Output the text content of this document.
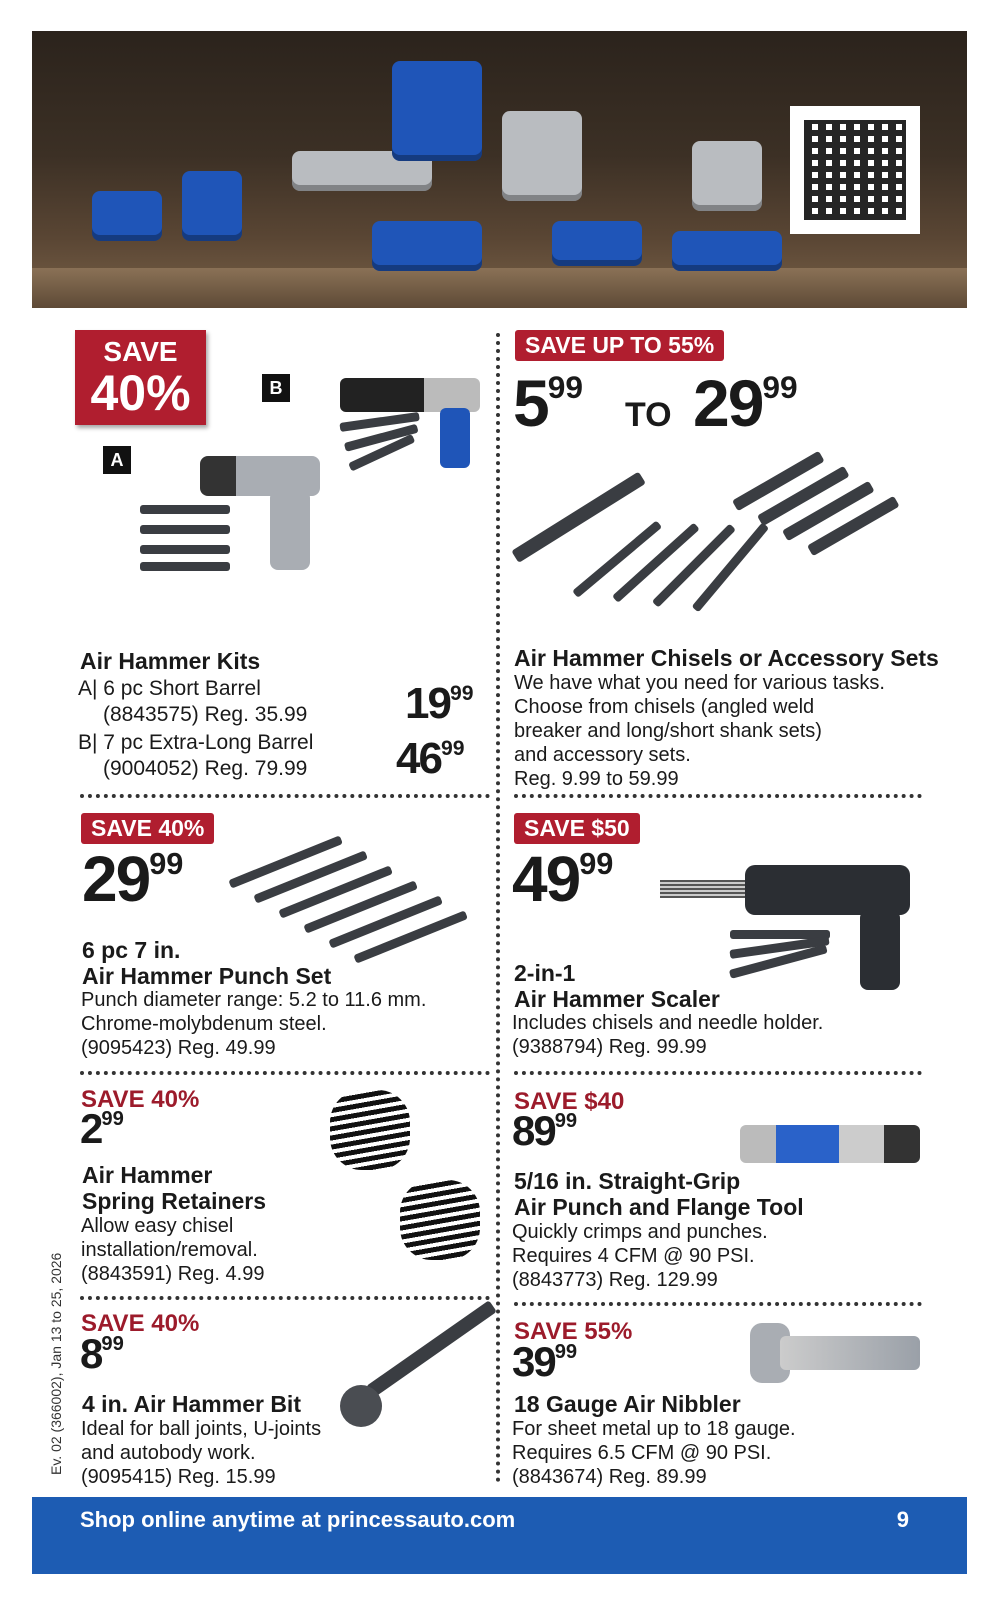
SAVE
40%	B
A
Air Hammer Kits
A| 6 pc Short Barrel
(8843575) Reg. 35.99
B| 7 pc Extra-Long Barrel
(9004052) Reg. 79.99
$19^{99}$
$46^{99}$
SAVE UP TO 55%
$5^{99}$
TO $29^{99}$
Air Hammer Chisels or Accessory Sets
We have what you need for various tasks.
Choose from chisels (angled weld
breaker and long/short shank sets)
and accessory sets.
Reg. 9.99 to 59.99
SAVE 40%
$29^{99}$
6 pc 7 in.
Air Hammer Punch Set
Punch diameter range: 5.2 to 11.6 mm.
Chrome-molybdenum steel.
(9095423) Reg. 49.99
SAVE $50
$49^{99}$
2-in-1
Air Hammer Scaler
Includes chisels and needle holder.
(9388794) Reg. 99.99
SAVE 40%
$2^{99}$
Air Hammer
Spring Retainers
Allow easy chisel
installation/removal.
(8843591) Reg. 4.99
SAVE $40
$89^{99}$
5/16 in. Straight-Grip
Air Punch and Flange Tool
Quickly crimps and punches.
Requires 4 CFM @ 90 PSI.
(8843773) Reg. 129.99
SAVE 40%
$8^{99}$
4 in. Air Hammer Bit
Ideal for ball joints, U-joints
and autobody work.
(9095415) Reg. 15.99
SAVE 55%
$39^{99}$
18 Gauge Air Nibbler
For sheet metal up to 18 gauge.
Requires 6.5 CFM @ 90 PSI.
(8843674) Reg. 89.99
Ev. 02 (366002), Jan 13 to 25, 2026
Shop online anytime at princessauto.com	9
